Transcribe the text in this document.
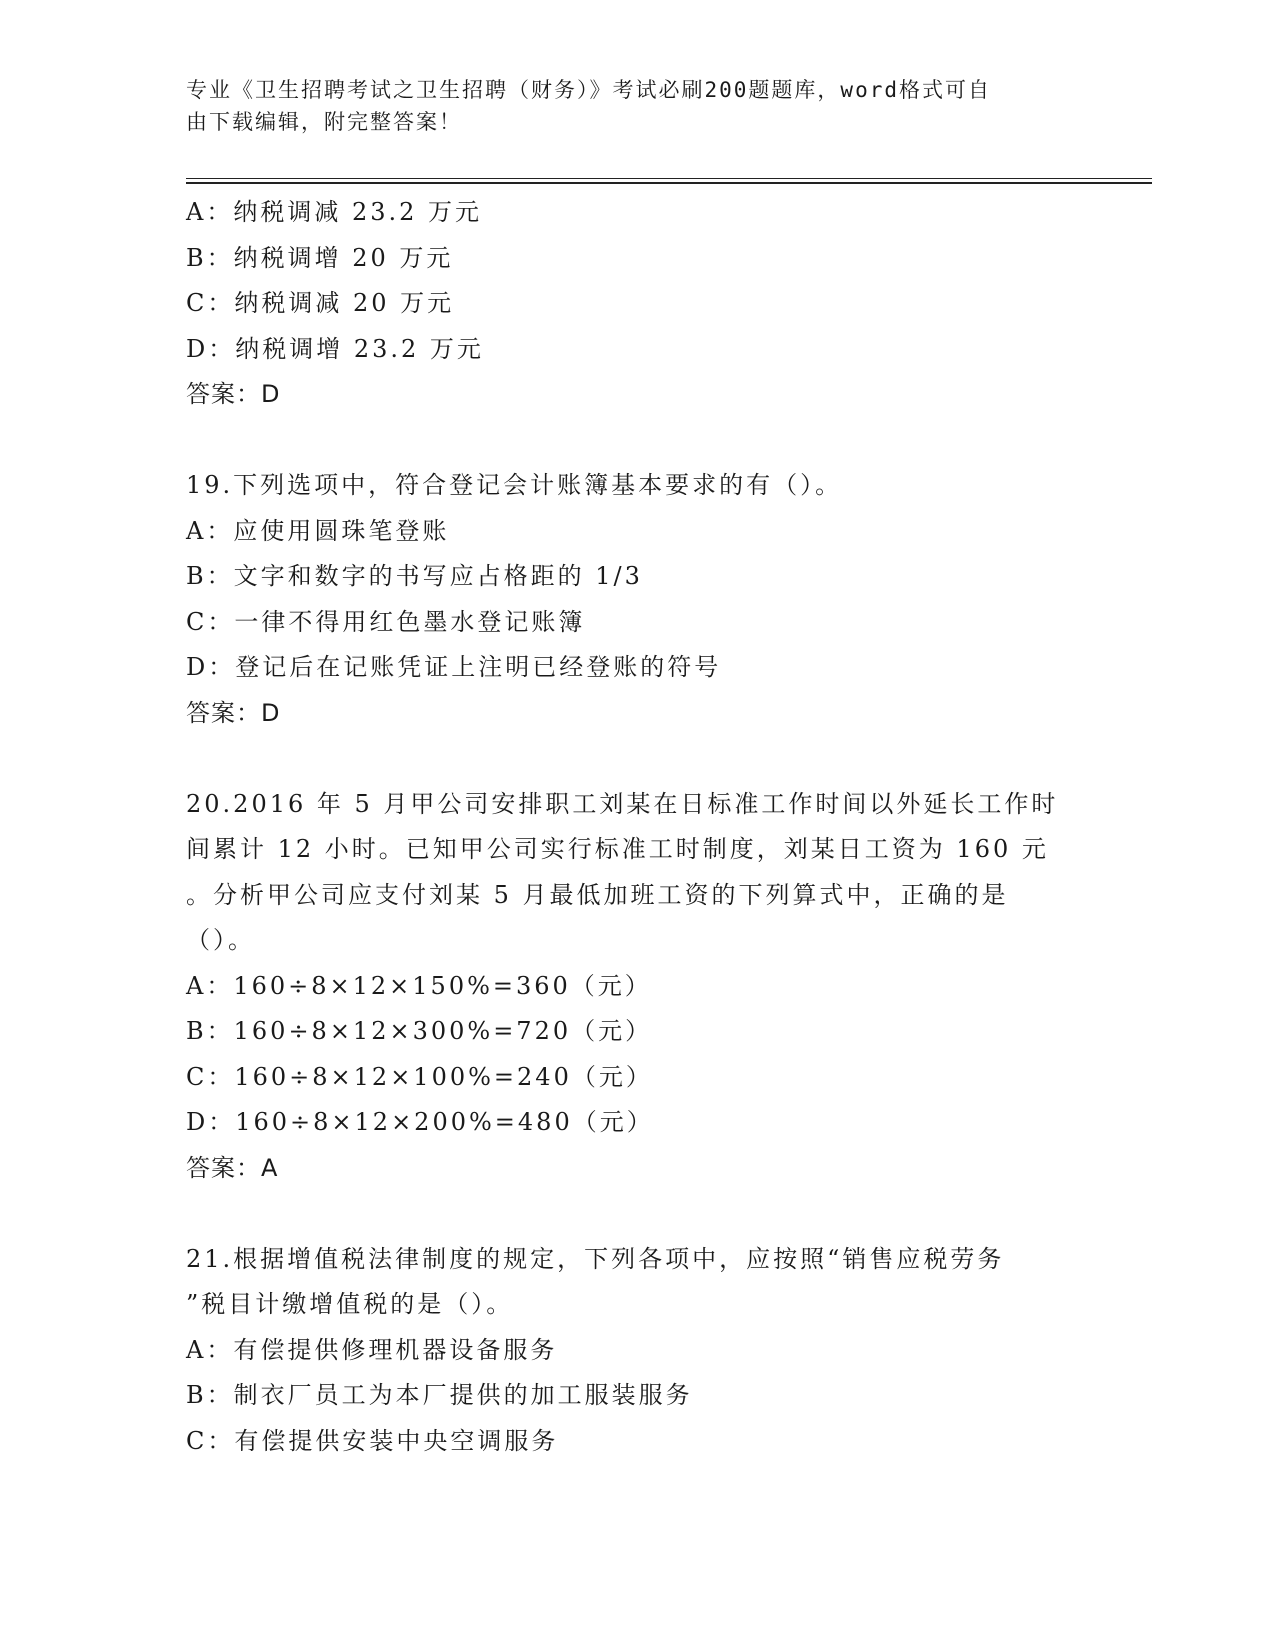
专业《卫生招聘考试之卫生招聘（财务）》考试必刷200题题库，word格式可自

由下载编辑，附完整答案！

A：纳税调减 23.2 万元
B：纳税调增 20 万元
C：纳税调减 20 万元
D：纳税调增 23.2 万元
答案：D
19.下列选项中，符合登记会计账簿基本要求的有（）。
A：应使用圆珠笔登账
B：文字和数字的书写应占格距的 1/3
C：一律不得用红色墨水登记账簿
D：登记后在记账凭证上注明已经登账的符号
答案：D
20.2016 年 5 月甲公司安排职工刘某在日标准工作时间以外延长工作时
间累计 12 小时。已知甲公司实行标准工时制度，刘某日工资为 160 元
。分析甲公司应支付刘某 5 月最低加班工资的下列算式中，正确的是
（）。
A：160÷8×12×150%=360（元）
B：160÷8×12×300%=720（元）
C：160÷8×12×100%=240（元）
D：160÷8×12×200%=480（元）
答案：A
21.根据增值税法律制度的规定，下列各项中，应按照“销售应税劳务
”税目计缴增值税的是（）。
A：有偿提供修理机器设备服务
B：制衣厂员工为本厂提供的加工服装服务
C：有偿提供安装中央空调服务
